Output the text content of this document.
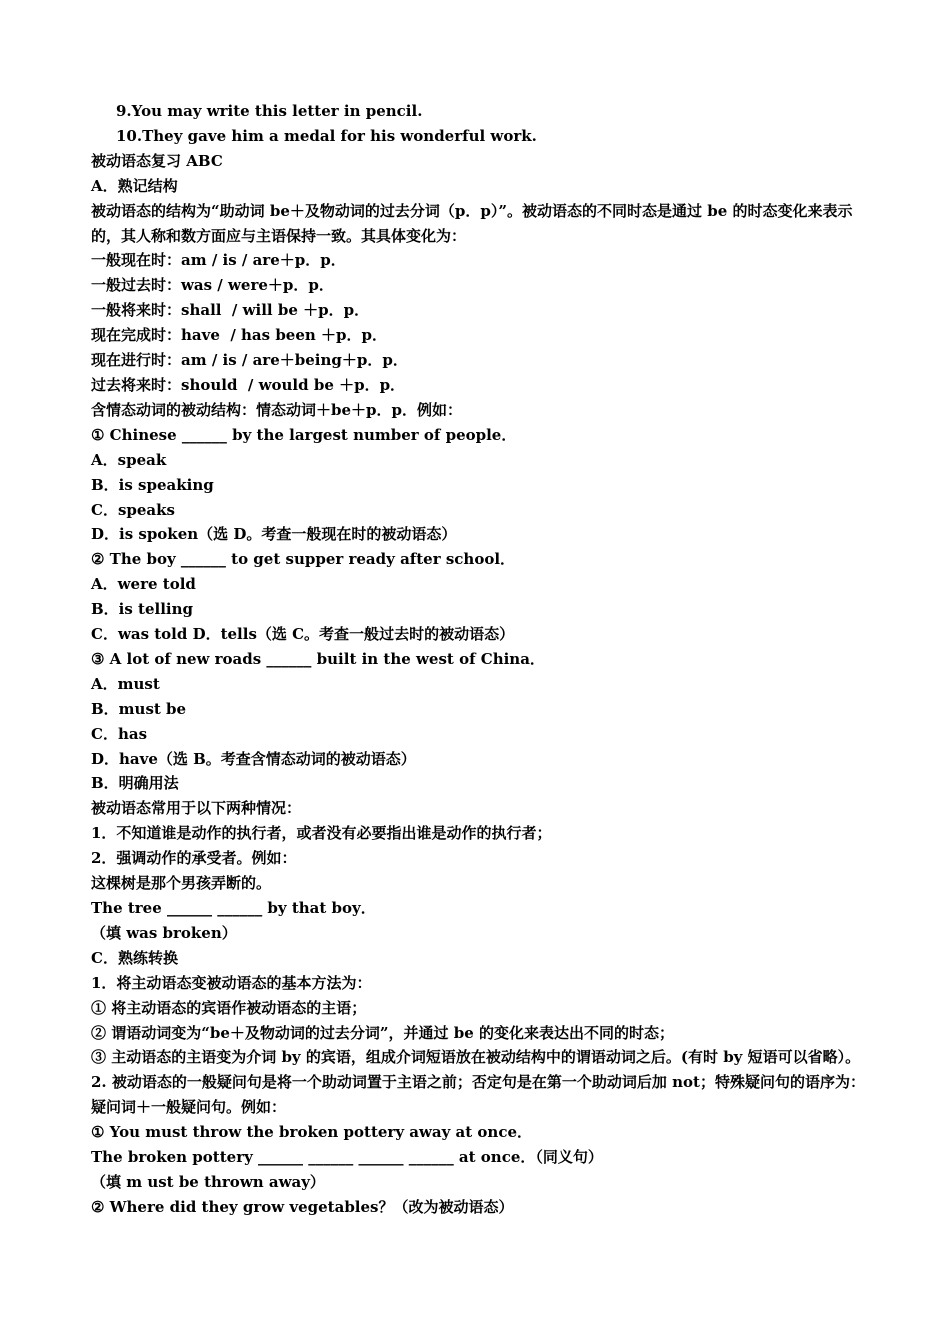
9.You may write this letter in pencil.
10.They gave him a medal for his wonderful work.
被动语态复习 ABC
A．熟记结构
被动语态的结构为“助动词 be＋及物动词的过去分词（p．p）”。被动语态的不同时态是通过 be 的时态变化来表示的，其人称和数方面应与主语保持一致。其具体变化为：
一般现在时：am / is / are＋p．p．
一般过去时：was / were＋p．p．
一般将来时：shall  / will be ＋p．p．
现在完成时：have  / has been ＋p．p．
现在进行时：am / is / are＋being＋p．p．
过去将来时：should  / would be ＋p．p．
含情态动词的被动结构：情态动词＋be＋p．p．例如：
① Chinese ______ by the largest number of people．
A．speak
B．is speaking
C．speaks
D．is spoken（选 D。考查一般现在时的被动语态）
② The boy ______ to get supper ready after school．
A．were told
B．is telling
C．was told D．tells（选 C。考查一般过去时的被动语态）
③ A lot of new roads ______ built in the west of China．
A．must
B．must be
C．has
D．have（选 B。考查含情态动词的被动语态）
B．明确用法
被动语态常用于以下两种情况：
1．不知道谁是动作的执行者，或者没有必要指出谁是动作的执行者；
2．强调动作的承受者。例如：
这棵树是那个男孩弄断的。
The tree ______ ______ by that boy．
（填 was broken）
C．熟练转换
1．将主动语态变被动语态的基本方法为：
① 将主动语态的宾语作被动语态的主语；
② 谓语动词变为“be＋及物动词的过去分词”，并通过 be 的变化来表达出不同的时态；
③ 主动语态的主语变为介词 by 的宾语，组成介词短语放在被动结构中的谓语动词之后。(有时 by 短语可以省略）。
2. 被动语态的一般疑问句是将一个助动词置于主语之前；否定句是在第一个助动词后加 not；特殊疑问句的语序为：疑问词＋一般疑问句。例如：
① You must throw the broken pottery away at once．
The broken pottery ______ ______ ______ ______ at once．（同义句）
（填 m ust be thrown away）
② Where did they grow vegetables？（改为被动语态）
